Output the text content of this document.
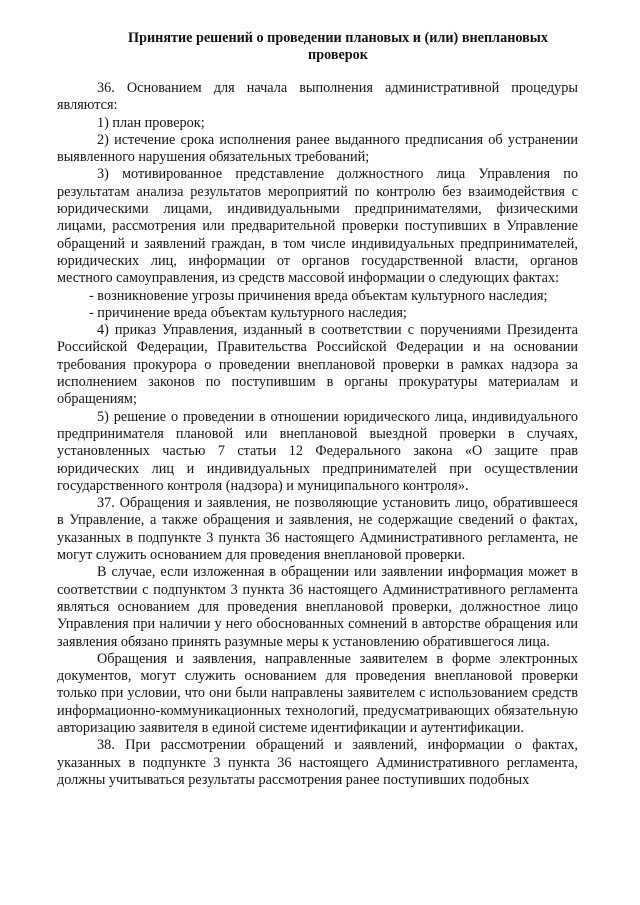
Принятие решений о проведении плановых и (или) внеплановых
проверок

36. Основанием для начала выполнения административной процедуры являются:

1) план проверок;

2) истечение срока исполнения ранее выданного предписания об устранении выявленного нарушения обязательных требований;

3) мотивированное представление должностного лица Управления по результатам анализа результатов мероприятий по контролю без взаимодействия с юридическими лицами, индивидуальными предпринимателями, физическими лицами, рассмотрения или предварительной проверки поступивших в Управление обращений и заявлений граждан, в том числе индивидуальных предпринимателей, юридических лиц, информации от органов государственной власти, органов местного самоуправления, из средств массовой информации о следующих фактах:

- возникновение угрозы причинения вреда объектам культурного наследия;

- причинение вреда объектам культурного наследия;

4) приказ Управления, изданный в соответствии с поручениями Президента Российской Федерации, Правительства Российской Федерации и на основании требования прокурора о проведении внеплановой проверки в рамках надзора за исполнением законов по поступившим в органы прокуратуры материалам и обращениям;

5) решение о проведении в отношении юридического лица, индивидуального предпринимателя плановой или внеплановой выездной проверки в случаях, установленных частью 7 статьи 12 Федерального закона «О защите прав юридических лиц и индивидуальных предпринимателей при осуществлении государственного контроля (надзора) и муниципального контроля».

37. Обращения и заявления, не позволяющие установить лицо, обратившееся в Управление, а также обращения и заявления, не содержащие сведений о фактах, указанных в подпункте 3 пункта 36 настоящего Административного регламента, не могут служить основанием для проведения внеплановой проверки.

В случае, если изложенная в обращении или заявлении информация может в соответствии с подпунктом 3 пункта 36 настоящего Административного регламента являться основанием для проведения внеплановой проверки, должностное лицо Управления при наличии у него обоснованных сомнений в авторстве обращения или заявления обязано принять разумные меры к установлению обратившегося лица.

Обращения и заявления, направленные заявителем в форме электронных документов, могут служить основанием для проведения внеплановой проверки только при условии, что они были направлены заявителем с использованием средств информационно-коммуникационных технологий, предусматривающих обязательную авторизацию заявителя в единой системе идентификации и аутентификации.

38. При рассмотрении обращений и заявлений, информации о фактах, указанных в подпункте 3 пункта 36 настоящего Административного регламента, должны учитываться результаты рассмотрения ранее поступивших подобных
